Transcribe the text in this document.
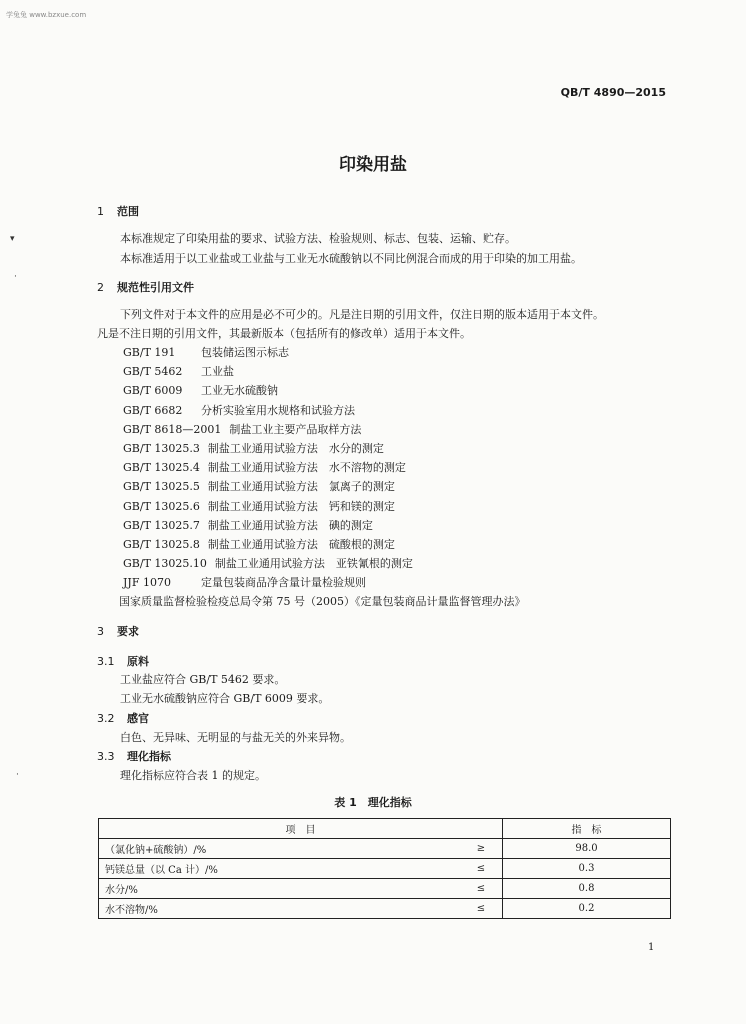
学兔兔 www.bzxue.com
QB/T 4890—2015
印染用盐
1 范围
本标准规定了印染用盐的要求、试验方法、检验规则、标志、包装、运输、贮存。
本标准适用于以工业盐或工业盐与工业无水硫酸钠以不同比例混合而成的用于印染的加工用盐。
2 规范性引用文件
下列文件对于本文件的应用是必不可少的。凡是注日期的引用文件，仅注日期的版本适用于本文件。
凡是不注日期的引用文件，其最新版本（包括所有的修改单）适用于本文件。
GB/T 191 包装储运图示标志
GB/T 5462 工业盐
GB/T 6009 工业无水硫酸钠
GB/T 6682 分析实验室用水规格和试验方法
GB/T 8618—2001 制盐工业主要产品取样方法
GB/T 13025.3 制盐工业通用试验方法　水分的测定
GB/T 13025.4 制盐工业通用试验方法　水不溶物的测定
GB/T 13025.5 制盐工业通用试验方法　氯离子的测定
GB/T 13025.6 制盐工业通用试验方法　钙和镁的测定
GB/T 13025.7 制盐工业通用试验方法　碘的测定
GB/T 13025.8 制盐工业通用试验方法　硫酸根的测定
GB/T 13025.10 制盐工业通用试验方法　亚铁氰根的测定
JJF 1070	定量包装商品净含量计量检验规则
国家质量监督检验检疫总局令第 75 号（2005）《定量包装商品计量监督管理办法》
3 要求
3.1 原料
工业盐应符合 GB/T 5462 要求。
工业无水硫酸钠应符合 GB/T 6009 要求。
3.2 感官
白色、无异味、无明显的与盐无关的外来异物。
3.3 理化指标
理化指标应符合表 1 的规定。
表 1　理化指标
项　目		指　标
（氯化钠+硫酸钠）/%	≥	98.0
钙镁总量（以 Ca 计）/%	≤	0.3
水分/%	≤	0.8
水不溶物/%	≤	0.2
1
▾
·
·
